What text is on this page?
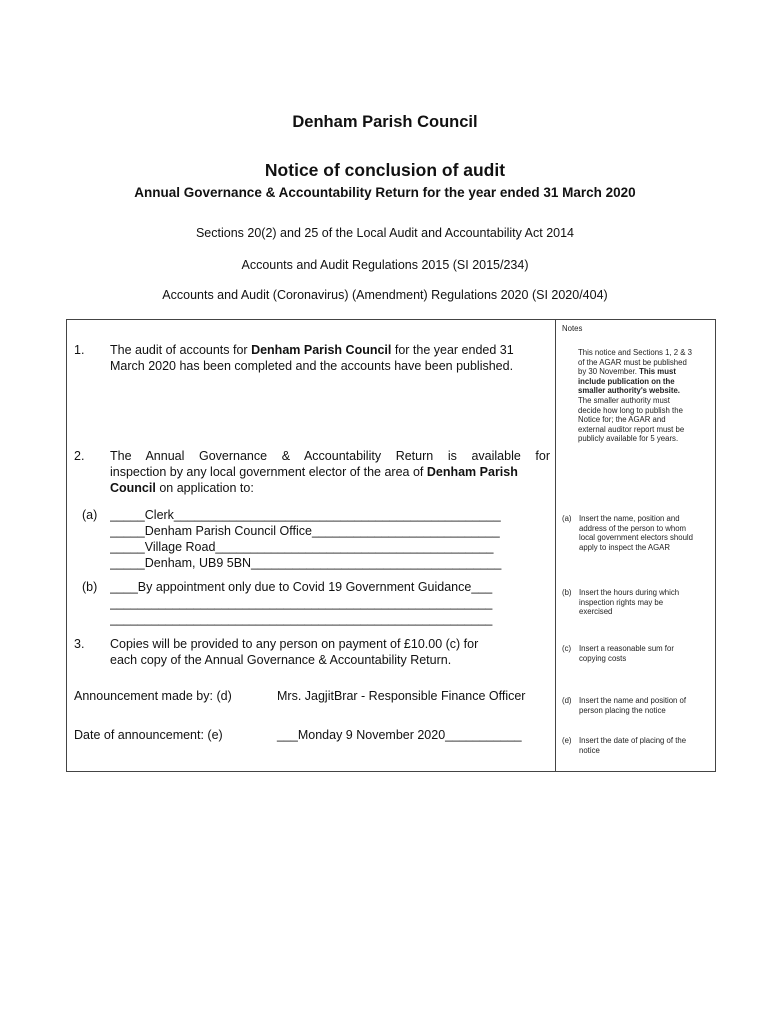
Denham Parish Council
Notice of conclusion of audit
Annual Governance & Accountability Return for the year ended 31 March 2020
Sections 20(2) and 25 of the Local Audit and Accountability Act 2014
Accounts and Audit Regulations 2015 (SI 2015/234)
Accounts and Audit (Coronavirus) (Amendment) Regulations 2020 (SI 2020/404)
1. The audit of accounts for Denham Parish Council for the year ended 31
March 2020 has been completed and the accounts have been published.
2. The Annual Governance & Accountability Return is available for
inspection by any local government elector of the area of Denham Parish
Council on application to:
(a) _____Clerk_______________________________________________
_____Denham Parish Council Office___________________________
_____Village Road________________________________________
_____Denham, UB9 5BN____________________________________
(b) ____By appointment only due to Covid 19 Government Guidance___
_______________________________________________________
_______________________________________________________
3. Copies will be provided to any person on payment of £10.00 (c) for
each copy of the Annual Governance & Accountability Return.
Announcement made by: (d)	Mrs. JagjitBrar - Responsible Finance Officer
Date of announcement: (e)	___Monday 9 November 2020___________
Notes
This notice and Sections 1, 2 & 3
of the AGAR must be published
by 30 November. This must
include publication on the
smaller authority's website.
The smaller authority must
decide how long to publish the
Notice for; the AGAR and
external auditor report must be
publicly available for 5 years.
(a) Insert the name, position and
address of the person to whom
local government electors should
apply to inspect the AGAR
(b) Insert the hours during which
inspection rights may be
exercised
(c) Insert a reasonable sum for
copying costs
(d) Insert the name and position of
person placing the notice
(e) Insert the date of placing of the
notice
